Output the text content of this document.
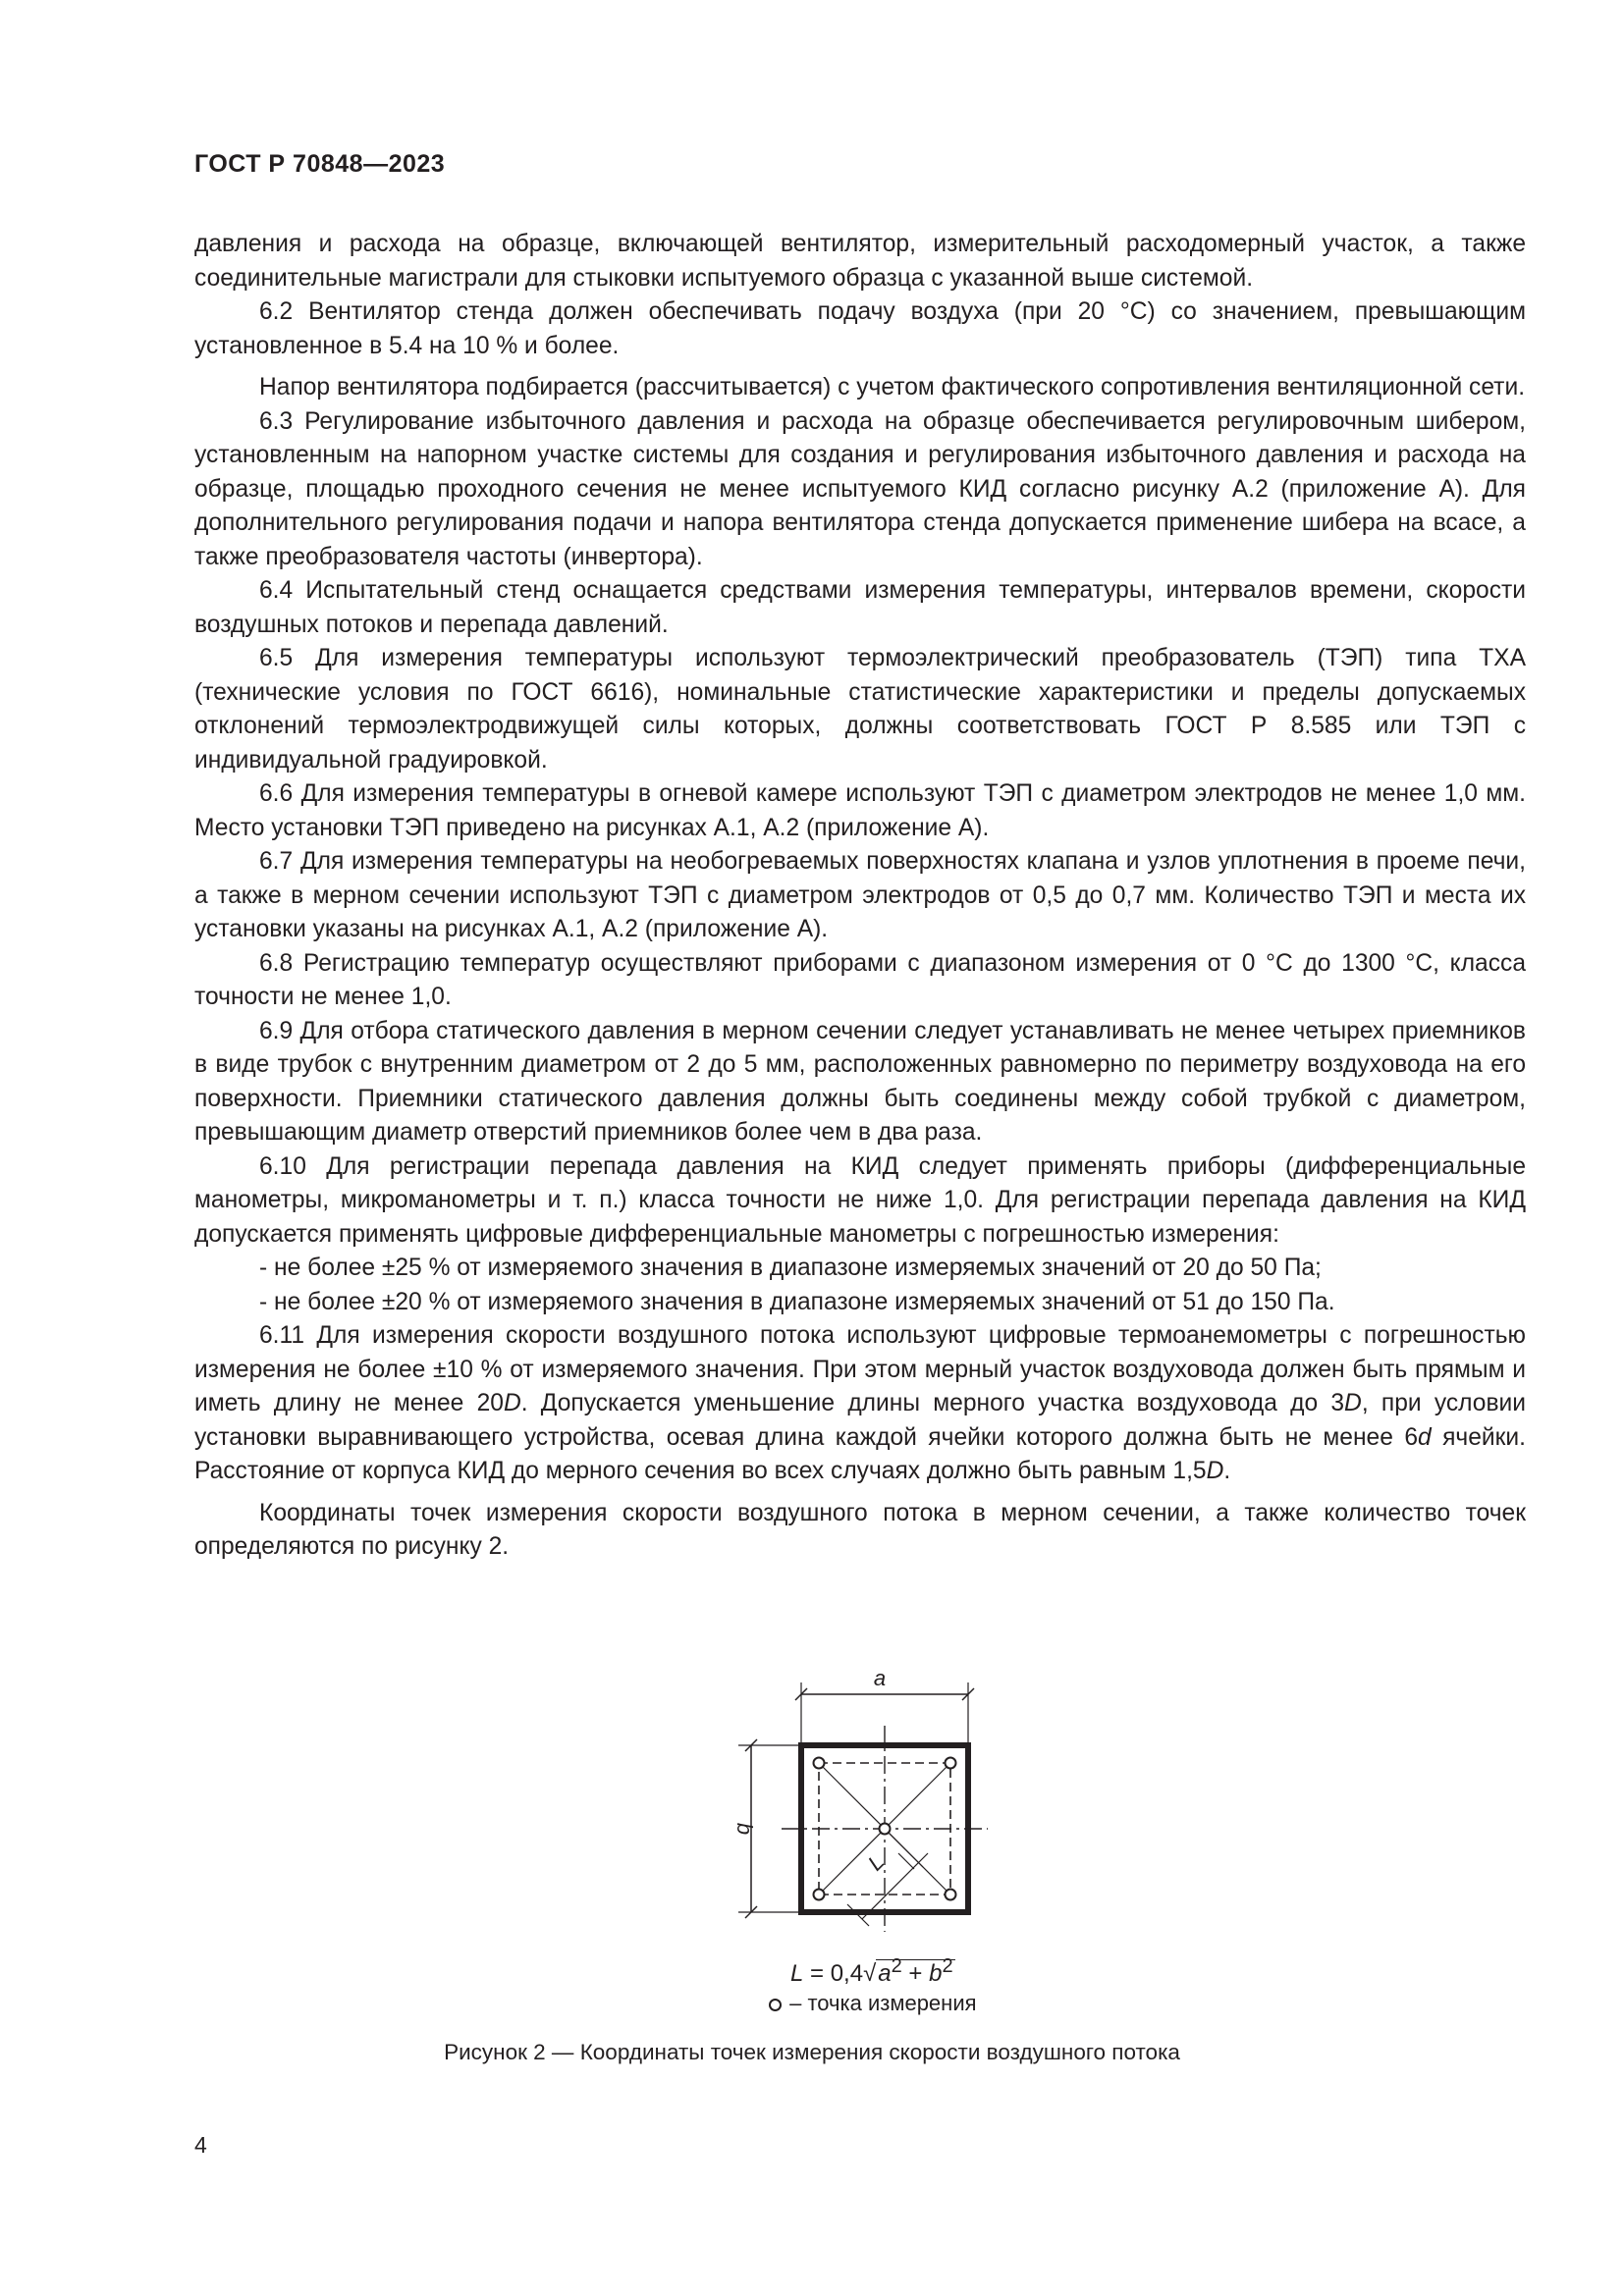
ГОСТ Р 70848—2023

давления и расхода на образце, включающей вентилятор, измерительный расходомерный участок, а также соединительные магистрали для стыковки испытуемого образца с указанной выше системой.

6.2 Вентилятор стенда должен обеспечивать подачу воздуха (при 20 °С) со значением, превышающим установленное в 5.4 на 10 % и более.

Напор вентилятора подбирается (рассчитывается) с учетом фактического сопротивления вентиляционной сети.

6.3 Регулирование избыточного давления и расхода на образце обеспечивается регулировочным шибером, установленным на напорном участке системы для создания и регулирования избыточного давления и расхода на образце, площадью проходного сечения не менее испытуемого КИД согласно рисунку А.2 (приложение А). Для дополнительного регулирования подачи и напора вентилятора стенда допускается применение шибера на всасе, а также преобразователя частоты (инвертора).

6.4 Испытательный стенд оснащается средствами измерения температуры, интервалов времени, скорости воздушных потоков и перепада давлений.

6.5 Для измерения температуры используют термоэлектрический преобразователь (ТЭП) типа ТХА (технические условия по ГОСТ 6616), номинальные статистические характеристики и пределы допускаемых отклонений термоэлектродвижущей силы которых, должны соответствовать ГОСТ Р 8.585 или ТЭП с индивидуальной градуировкой.

6.6 Для измерения температуры в огневой камере используют ТЭП с диаметром электродов не менее 1,0 мм. Место установки ТЭП приведено на рисунках А.1, А.2 (приложение А).

6.7 Для измерения температуры на необогреваемых поверхностях клапана и узлов уплотнения в проеме печи, а также в мерном сечении используют ТЭП с диаметром электродов от 0,5 до 0,7 мм. Количество ТЭП и места их установки указаны на рисунках А.1, А.2 (приложение А).

6.8 Регистрацию температур осуществляют приборами с диапазоном измерения от 0 °С до 1300 °С, класса точности не менее 1,0.

6.9 Для отбора статического давления в мерном сечении следует устанавливать не менее четырех приемников в виде трубок с внутренним диаметром от 2 до 5 мм, расположенных равномерно по периметру воздуховода на его поверхности. Приемники статического давления должны быть соединены между собой трубкой с диаметром, превышающим диаметр отверстий приемников более чем в два раза.

6.10 Для регистрации перепада давления на КИД следует применять приборы (дифференциальные манометры, микроманометры и т. п.) класса точности не ниже 1,0. Для регистрации перепада давления на КИД допускается применять цифровые дифференциальные манометры с погрешностью измерения:

- не более ±25 % от измеряемого значения в диапазоне измеряемых значений от 20 до 50 Па;

- не более ±20 % от измеряемого значения в диапазоне измеряемых значений от 51 до 150 Па.

6.11 Для измерения скорости воздушного потока используют цифровые термоанемометры с погрешностью измерения не более ±10 % от измеряемого значения. При этом мерный участок воздуховода должен быть прямым и иметь длину не менее 20D. Допускается уменьшение длины мерного участка воздуховода до 3D, при условии установки выравнивающего устройства, осевая длина каждой ячейки которого должна быть не менее 6d ячейки. Расстояние от корпуса КИД до мерного сечения во всех случаях должно быть равным 1,5D.

Координаты точек измерения скорости воздушного потока в мерном сечении, а также количество точек определяются по рисунку 2.

a
b
L
$L = 0,4√a^2 + b^2$
– точка измерения
Рисунок 2 — Координаты точек измерения скорости воздушного потока
4
